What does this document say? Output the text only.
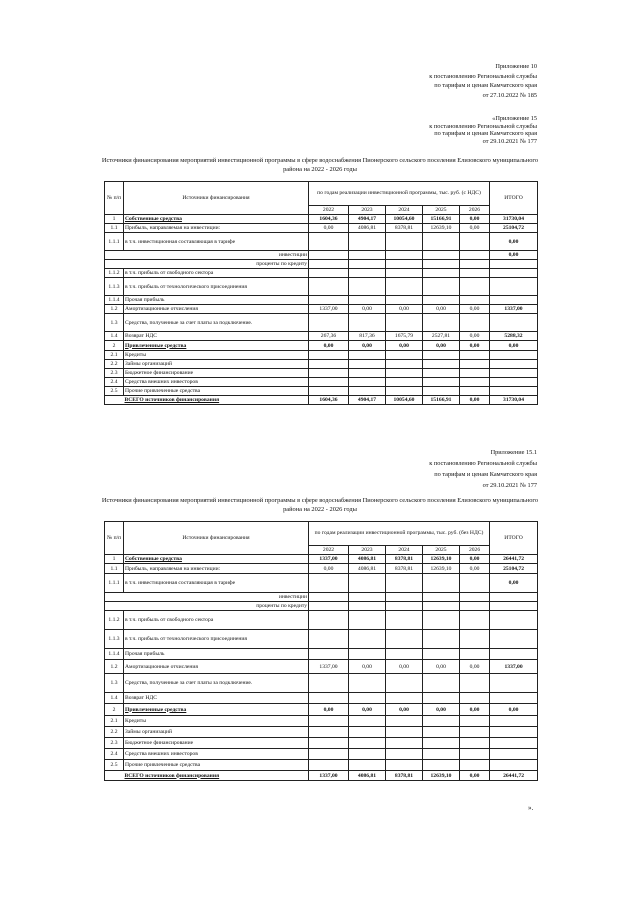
Приложение 10
к постановлению Региональной службы
по тарифам и ценам Камчатского края
от 27.10.2022 № 185
«Приложение 15
к постановлению Региональной службы
по тарифам и ценам Камчатского края
от 29.10.2021 № 177
Источники финансирования мероприятий инвестиционной программы в сфере водоснабжения Пионерского сельского поселения Елизовского муниципального района на 2022 - 2026 годы
№ п/п	Источники финансирования	по годам реализации инвестиционной программы, тыс. руб. (с НДС)					ИТОГО
		2022	2023	2024	2025	2026	
1	Собственные средства	1604,36	4904,17	10054,60	15166,91	0,00	31730,04
1.1	Прибыль, направляемая на инвестиции:	0,00	4086,81	8378,81	12639,10	0,00	25104,72
1.1.1	в т.ч. инвестиционная составляющая в тарифе						0,00
	инвестиции						0,00
	проценты по кредиту						
1.1.2	в т.ч. прибыль от свободного сектора						
1.1.3	в т.ч. прибыль от технологического присоединения						
1.1.4	Прочая прибыль						
1.2	Амортизационные отчисления	1337,00	0,00	0,00	0,00	0,00	1337,00
1.3	Средства, полученные за счет платы за подключение.						
1.4	Возврат НДС	267,36	817,36	1675,79	2527,81	0,00	5288,32
2	Привлеченные средства	0,00	0,00	0,00	0,00	0,00	0,00
2.1	Кредиты						
2.2	Займы организаций						
2.3	Бюджетное финансирование						
2.4	Средства внешних инвесторов						
2.5	Прочие привлеченные средства						
	ВСЕГО источников финансирования	1604,36	4904,17	10054,60	15166,91	0,00	31730,04
Приложение 15.1
к постановлению Региональной службы
по тарифам и ценам Камчатского края
от 29.10.2021 № 177
Источники финансирования мероприятий инвестиционной программы в сфере водоснабжения Пионерского сельского поселения Елизовского муниципального района на 2022 - 2026 годы
№ п/п	Источники финансирования	по годам реализации инвестиционной программы, тыс. руб. (без НДС)					ИТОГО
		2022	2023	2024	2025	2026	
1	Собственные средства	1337,00	4086,81	8378,81	12639,10	0,00	26441,72
1.1	Прибыль, направляемая на инвестиции:	0,00	4086,81	8378,81	12639,10	0,00	25104,72
1.1.1	в т.ч. инвестиционная составляющая в тарифе						0,00
	инвестиции						
	проценты по кредиту						
1.1.2	в т.ч. прибыль от свободного сектора						
1.1.3	в т.ч. прибыль от технологического присоединения						
1.1.4	Прочая прибыль						
1.2	Амортизационные отчисления	1337,00	0,00	0,00	0,00	0,00	1337,00
1.3	Средства, полученные за счет платы за подключение.						
1.4	Возврат НДС						
2	Привлеченные средства	0,00	0,00	0,00	0,00	0,00	0,00
2.1	Кредиты						
2.2	Займы организаций						
2.3	Бюджетное финансирование						
2.4	Средства внешних инвесторов						
2.5	Прочие привлеченные средства						
	ВСЕГО источников финансирования	1337,00	4086,81	8378,81	12639,10	0,00	26441,72
».
